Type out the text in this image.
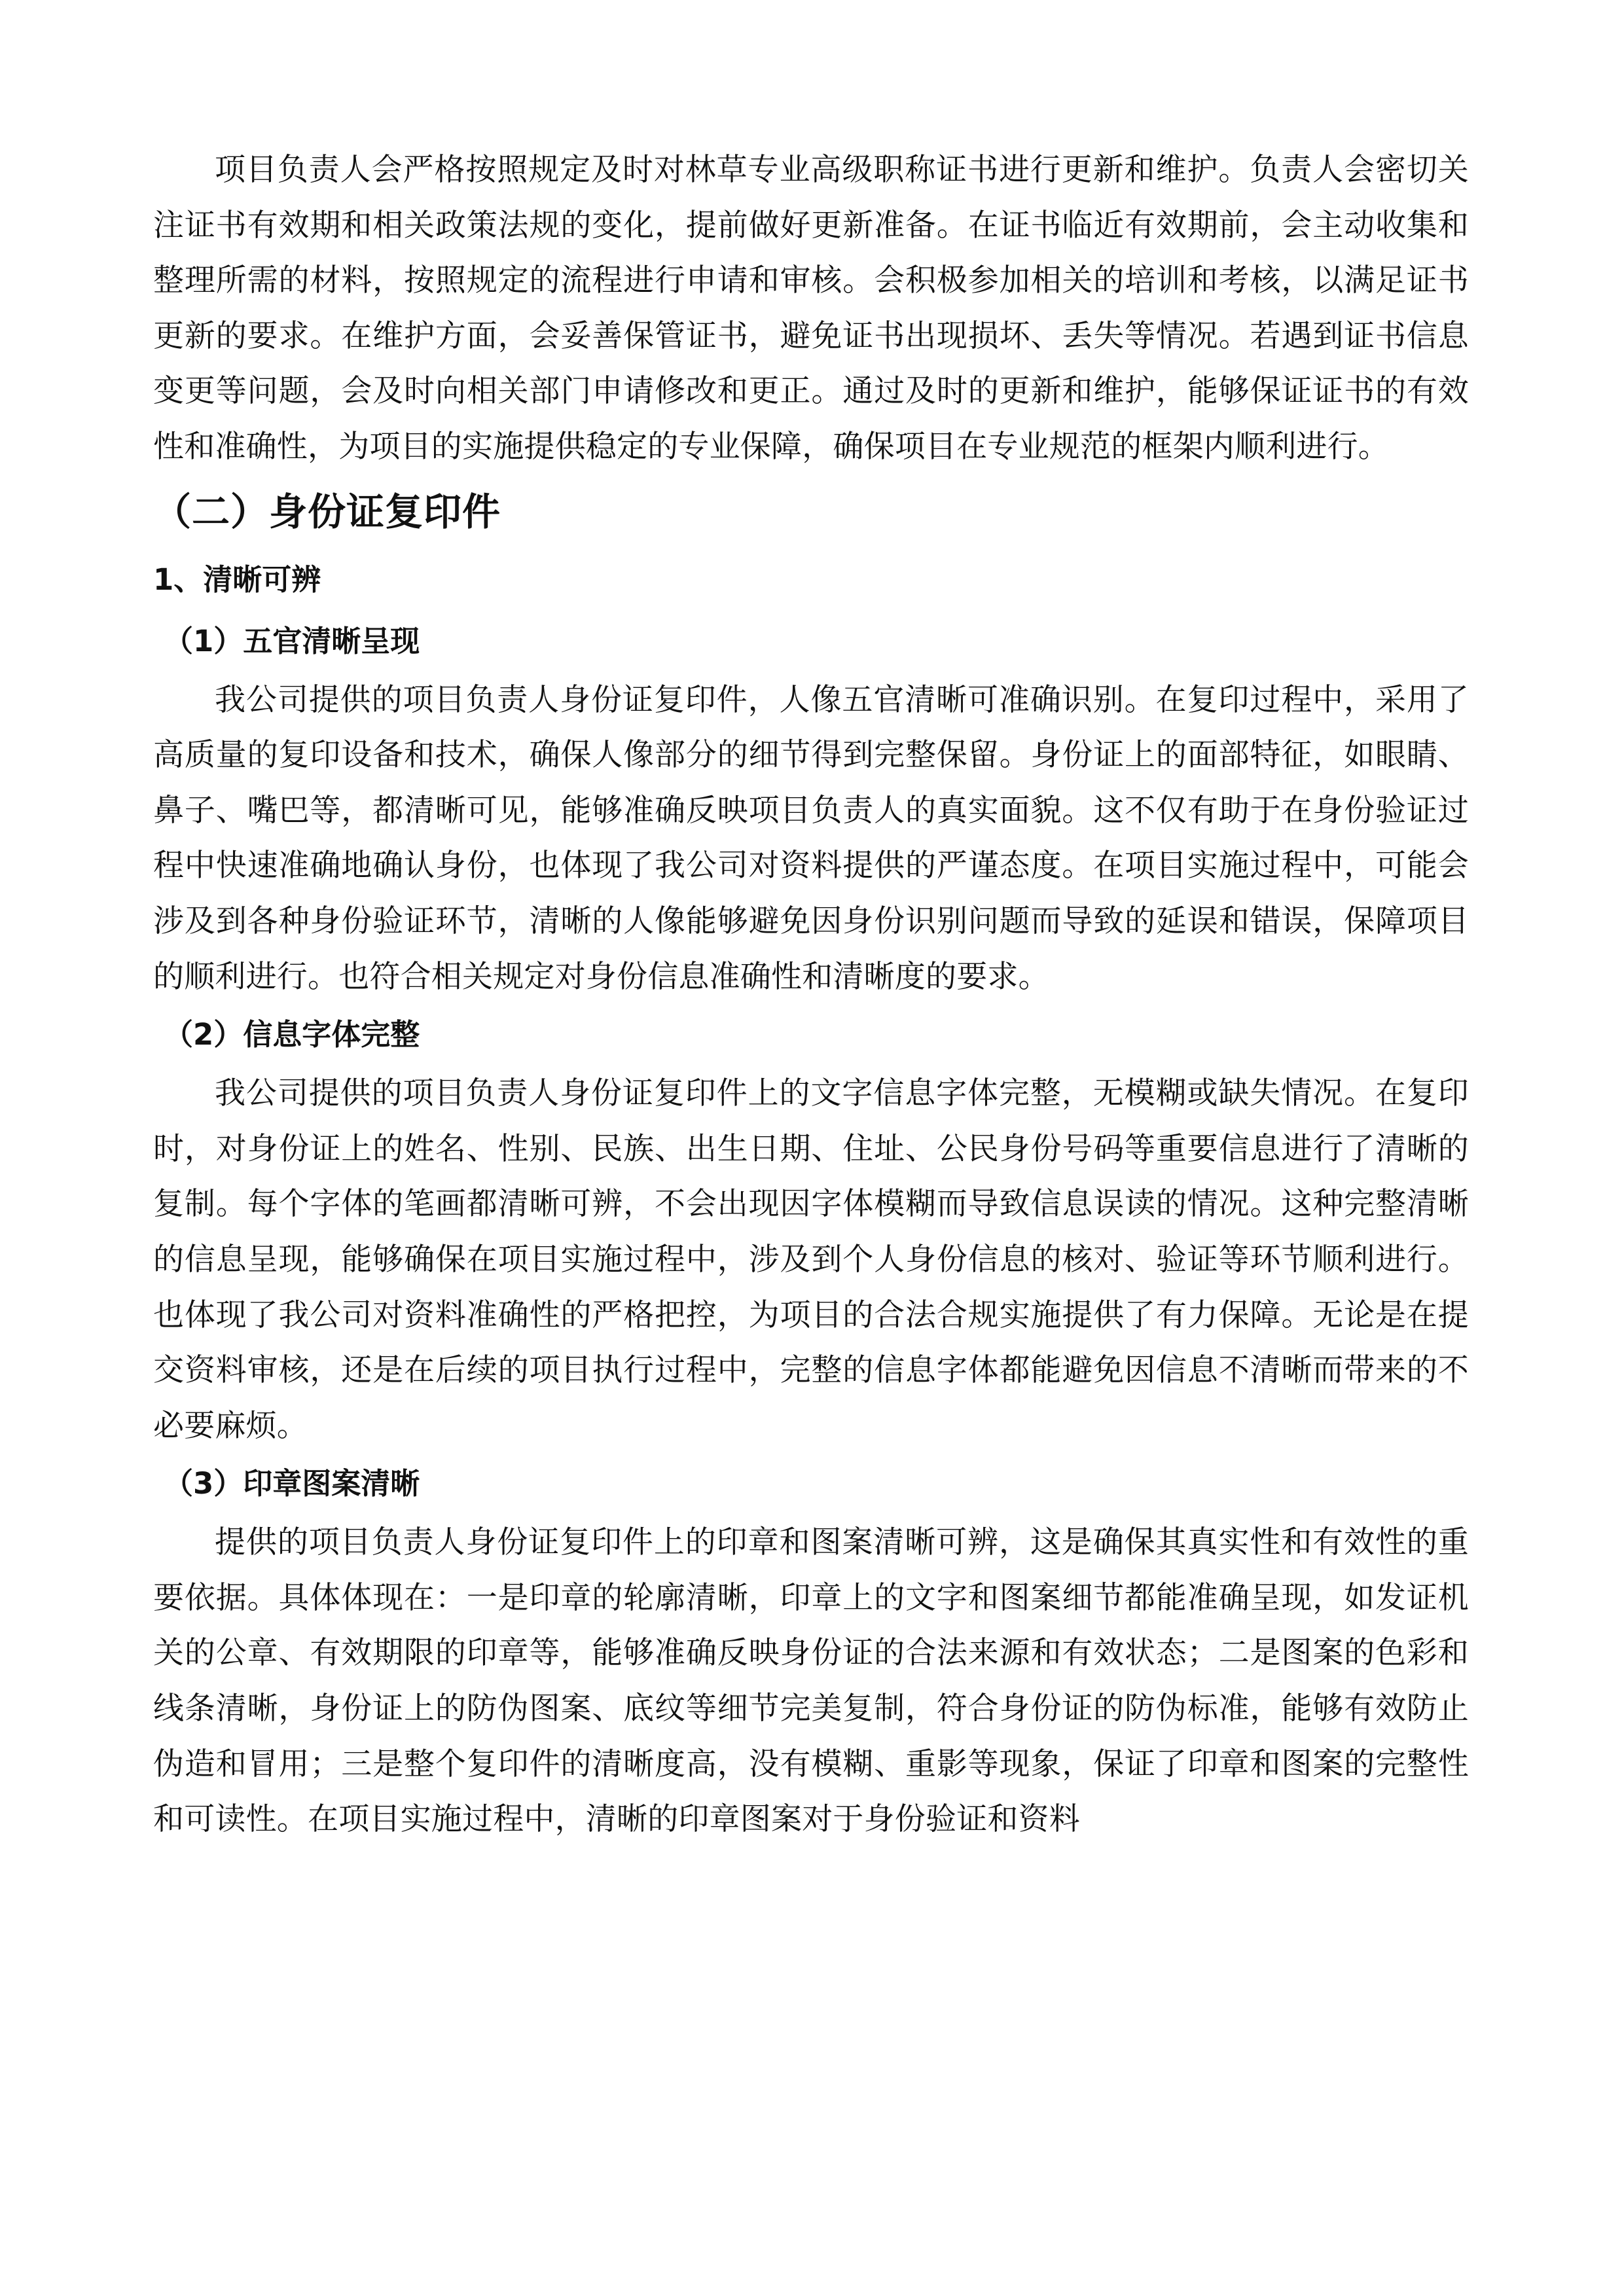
项目负责人会严格按照规定及时对林草专业高级职称证书进行更新和维护。负责人会密切关注证书有效期和相关政策法规的变化，提前做好更新准备。在证书临近有效期前，会主动收集和整理所需的材料，按照规定的流程进行申请和审核。会积极参加相关的培训和考核，以满足证书更新的要求。在维护方面，会妥善保管证书，避免证书出现损坏、丢失等情况。若遇到证书信息变更等问题，会及时向相关部门申请修改和更正。通过及时的更新和维护，能够保证证书的有效性和准确性，为项目的实施提供稳定的专业保障，确保项目在专业规范的框架内顺利进行。

（二）身份证复印件
1、清晰可辨
（1）五官清晰呈现

我公司提供的项目负责人身份证复印件，人像五官清晰可准确识别。在复印过程中，采用了高质量的复印设备和技术，确保人像部分的细节得到完整保留。身份证上的面部特征，如眼睛、鼻子、嘴巴等，都清晰可见，能够准确反映项目负责人的真实面貌。这不仅有助于在身份验证过程中快速准确地确认身份，也体现了我公司对资料提供的严谨态度。在项目实施过程中，可能会涉及到各种身份验证环节，清晰的人像能够避免因身份识别问题而导致的延误和错误，保障项目的顺利进行。也符合相关规定对身份信息准确性和清晰度的要求。

（2）信息字体完整

我公司提供的项目负责人身份证复印件上的文字信息字体完整，无模糊或缺失情况。在复印时，对身份证上的姓名、性别、民族、出生日期、住址、公民身份号码等重要信息进行了清晰的复制。每个字体的笔画都清晰可辨，不会出现因字体模糊而导致信息误读的情况。这种完整清晰的信息呈现，能够确保在项目实施过程中，涉及到个人身份信息的核对、验证等环节顺利进行。也体现了我公司对资料准确性的严格把控，为项目的合法合规实施提供了有力保障。无论是在提交资料审核，还是在后续的项目执行过程中，完整的信息字体都能避免因信息不清晰而带来的不必要麻烦。

（3）印章图案清晰

提供的项目负责人身份证复印件上的印章和图案清晰可辨，这是确保其真实性和有效性的重要依据。具体体现在：一是印章的轮廓清晰，印章上的文字和图案细节都能准确呈现，如发证机关的公章、有效期限的印章等，能够准确反映身份证的合法来源和有效状态；二是图案的色彩和线条清晰，身份证上的防伪图案、底纹等细节完美复制，符合身份证的防伪标准，能够有效防止伪造和冒用；三是整个复印件的清晰度高，没有模糊、重影等现象，保证了印章和图案的完整性和可读性。在项目实施过程中，清晰的印章图案对于身份验证和资料
